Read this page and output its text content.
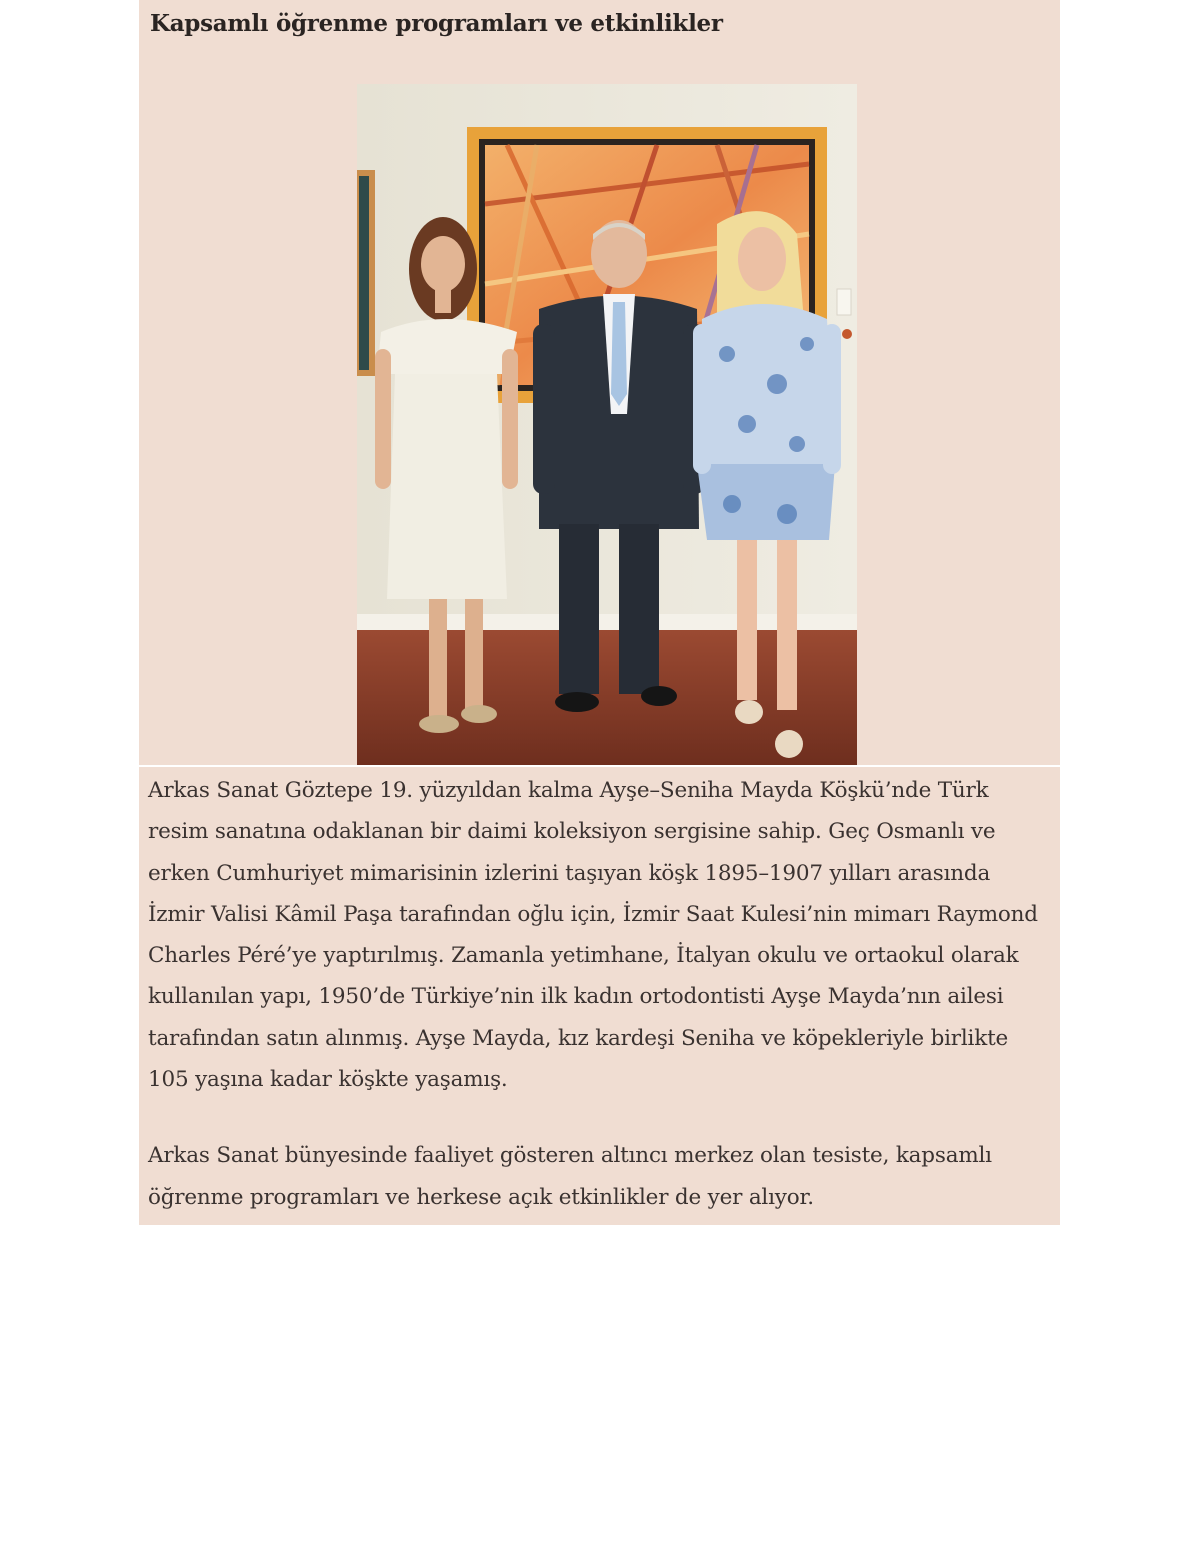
Kapsamlı öğrenme programları ve etkinlikler

Arkas Sanat Göztepe 19. yüzyıldan kalma Ayşe–Seniha Mayda Köşkü’nde Türk resim sanatına odaklanan bir daimi koleksiyon sergisine sahip. Geç Osmanlı ve erken Cumhuriyet mimarisinin izlerini taşıyan köşk 1895–1907 yılları arasında İzmir Valisi Kâmil Paşa tarafından oğlu için, İzmir Saat Kulesi’nin mimarı Raymond Charles Péré’ye yaptırılmış. Zamanla yetimhane, İtalyan okulu ve ortaokul olarak kullanılan yapı, 1950’de Türkiye’nin ilk kadın ortodontisti Ayşe Mayda’nın ailesi tarafından satın alınmış. Ayşe Mayda, kız kardeşi Seniha ve köpekleriyle birlikte 105 yaşına kadar köşkte yaşamış.

Arkas Sanat bünyesinde faaliyet gösteren altıncı merkez olan tesiste, kapsamlı öğrenme programları ve herkese açık etkinlikler de yer alıyor.
